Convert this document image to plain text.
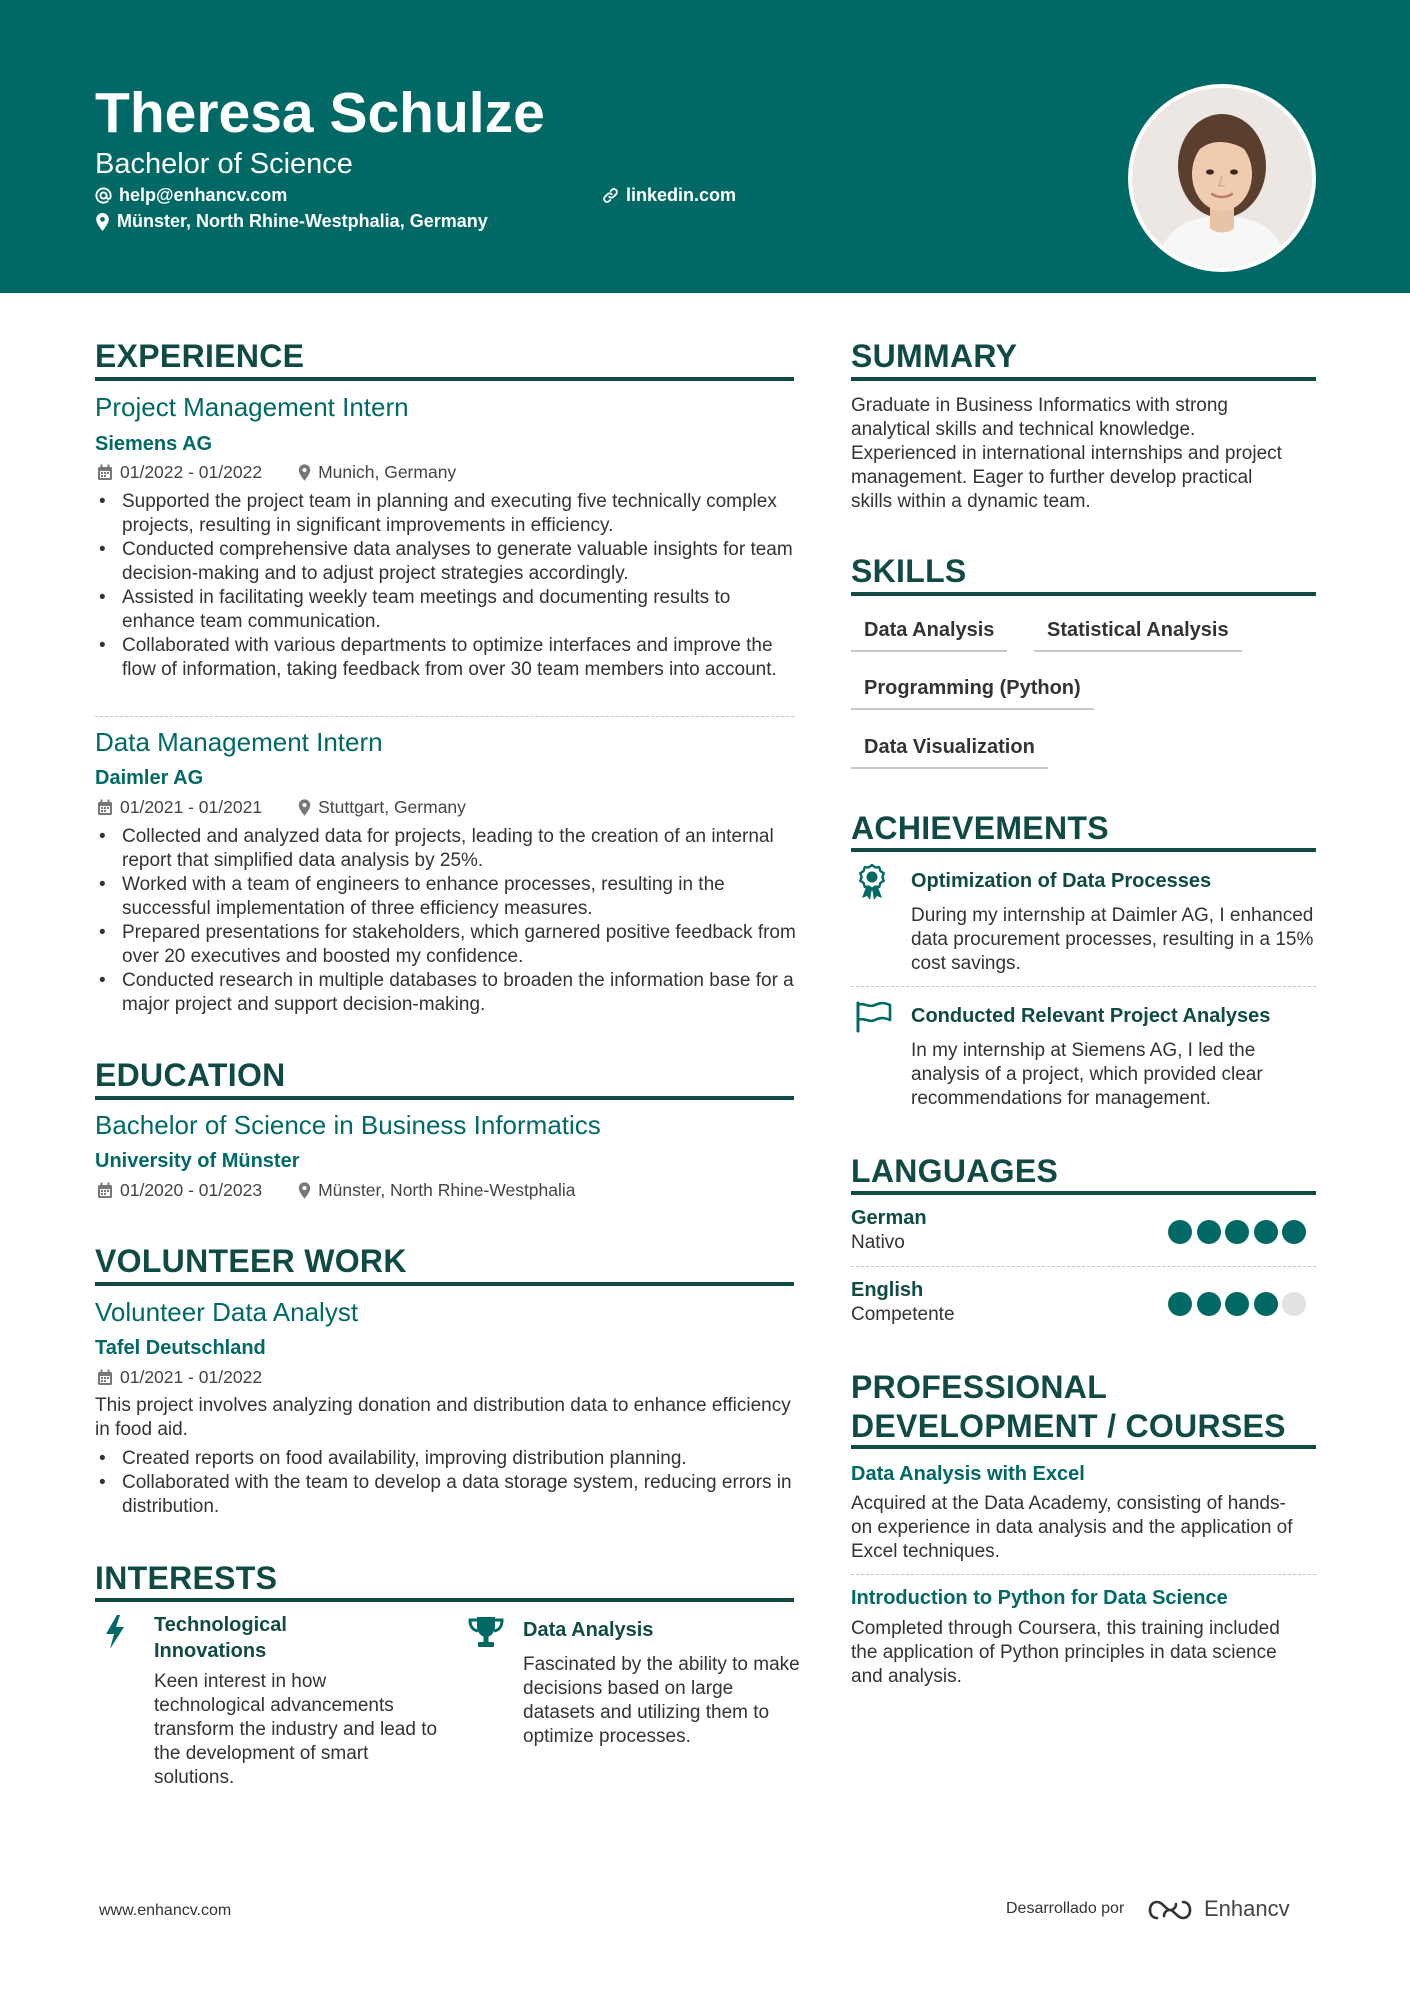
Theresa Schulze
Bachelor of Science
help@enhancv.com	linkedin.com
Münster, North Rhine-Westphalia, Germany
EXPERIENCE
Project Management Intern
Siemens AG
01/2022 - 01/2022	Munich, Germany
• Supported the project team in planning and executing five technically complex projects, resulting in significant improvements in efficiency.
• Conducted comprehensive data analyses to generate valuable insights for team decision-making and to adjust project strategies accordingly.
• Assisted in facilitating weekly team meetings and documenting results to enhance team communication.
• Collaborated with various departments to optimize interfaces and improve the flow of information, taking feedback from over 30 team members into account.
Data Management Intern
Daimler AG
01/2021 - 01/2021	Stuttgart, Germany
• Collected and analyzed data for projects, leading to the creation of an internal report that simplified data analysis by 25%.
• Worked with a team of engineers to enhance processes, resulting in the successful implementation of three efficiency measures.
• Prepared presentations for stakeholders, which garnered positive feedback from over 20 executives and boosted my confidence.
• Conducted research in multiple databases to broaden the information base for a major project and support decision-making.
EDUCATION
Bachelor of Science in Business Informatics
University of Münster
01/2020 - 01/2023	Münster, North Rhine-Westphalia
VOLUNTEER WORK
Volunteer Data Analyst
Tafel Deutschland
01/2021 - 01/2022
This project involves analyzing donation and distribution data to enhance efficiency in food aid.
• Created reports on food availability, improving distribution planning.
• Collaborated with the team to develop a data storage system, reducing errors in distribution.
INTERESTS
Technological Innovations
Keen interest in how technological advancements transform the industry and lead to the development of smart solutions.
Data Analysis
Fascinated by the ability to make decisions based on large datasets and utilizing them to optimize processes.
SUMMARY
Graduate in Business Informatics with strong analytical skills and technical knowledge. Experienced in international internships and project management. Eager to further develop practical skills within a dynamic team.
SKILLS
Data Analysis	Statistical Analysis
Programming (Python)
Data Visualization
ACHIEVEMENTS
Optimization of Data Processes
During my internship at Daimler AG, I enhanced data procurement processes, resulting in a 15% cost savings.
Conducted Relevant Project Analyses
In my internship at Siemens AG, I led the analysis of a project, which provided clear recommendations for management.
LANGUAGES
German
Nativo
English
Competente
PROFESSIONAL
DEVELOPMENT / COURSES
Data Analysis with Excel
Acquired at the Data Academy, consisting of hands-on experience in data analysis and the application of Excel techniques.
Introduction to Python for Data Science
Completed through Coursera, this training included the application of Python principles in data science and analysis.
www.enhancv.com	Desarrollado por	Enhancv
